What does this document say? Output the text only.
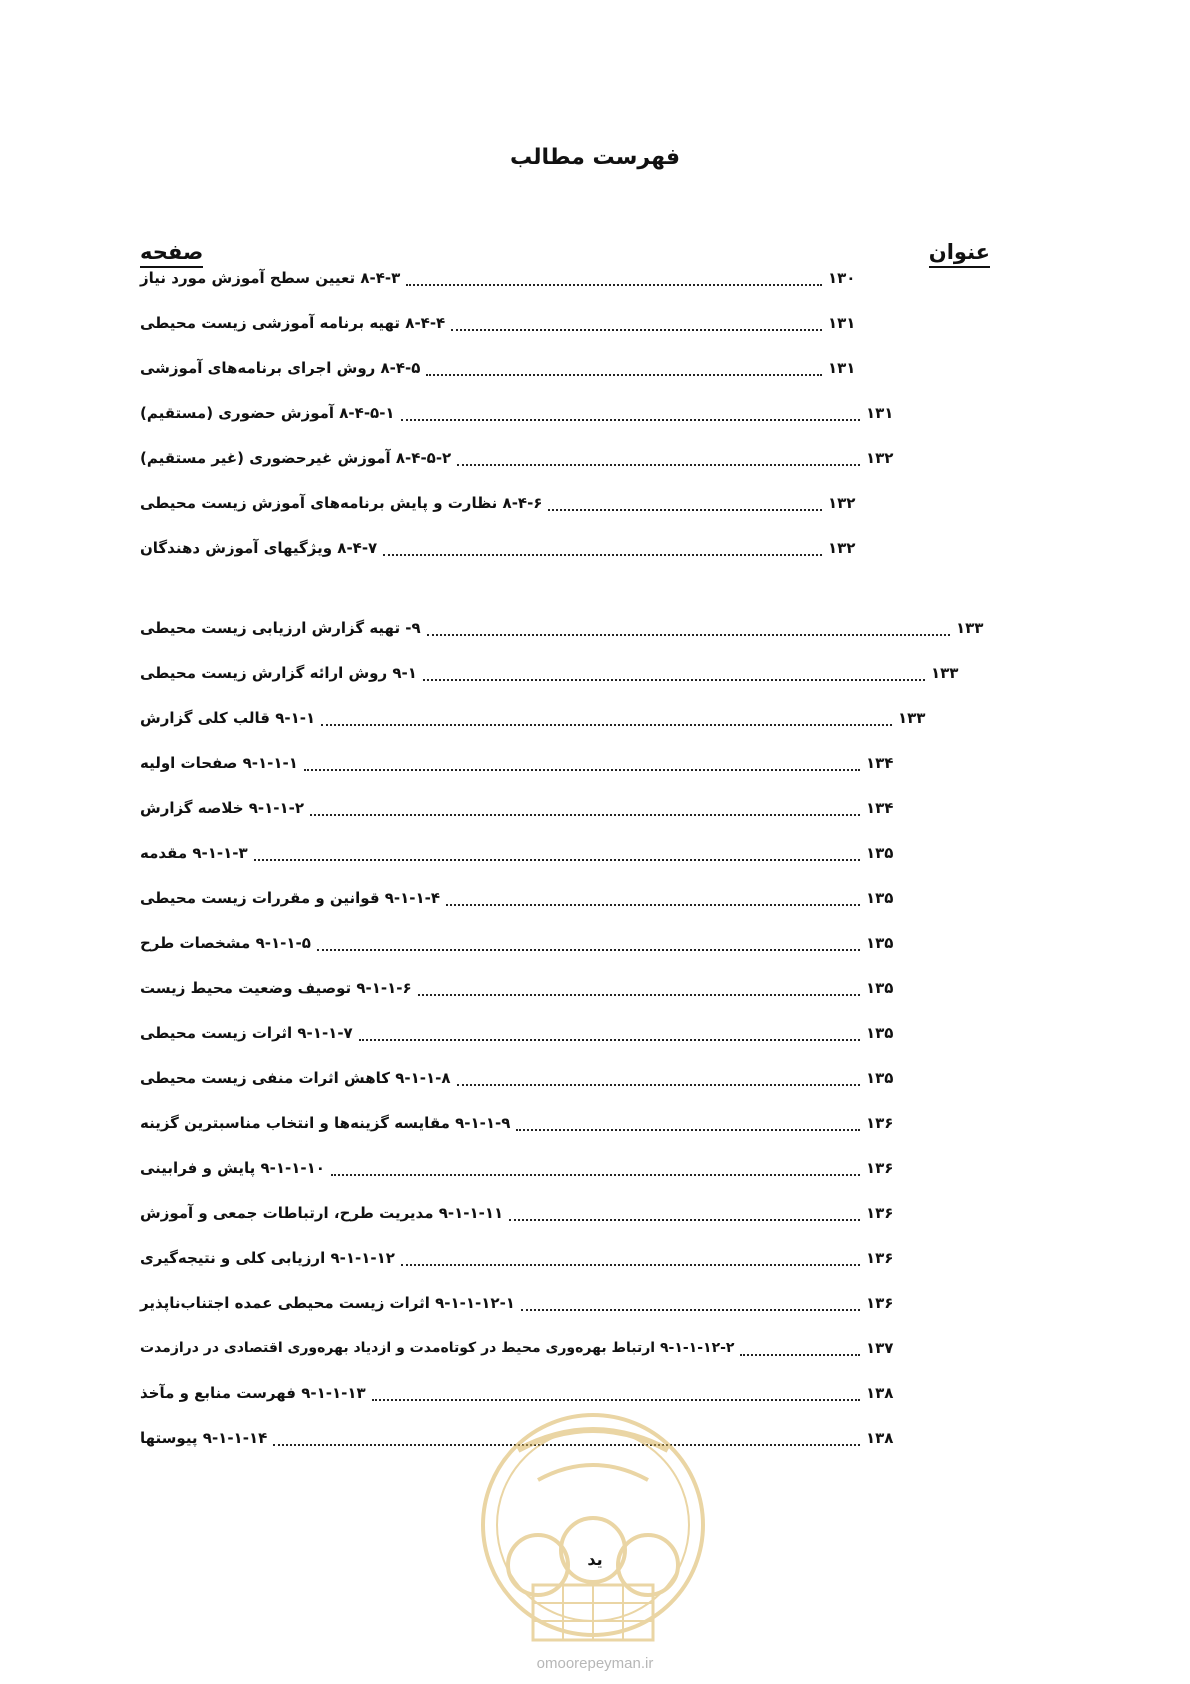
فهرست مطالب
عنوان
صفحه
۸-۴-۳ تعیین سطح آموزش مورد نیاز	۱۳۰
۸-۴-۴ تهیه برنامه آموزشی زیست محیطی	۱۳۱
۸-۴-۵ روش اجرای برنامه‌های آموزشی	۱۳۱
۸-۴-۵-۱ آموزش حضوری (مستقیم)	۱۳۱
۸-۴-۵-۲ آموزش غیرحضوری (غیر مستقیم)	۱۳۲
۸-۴-۶ نظارت و پایش برنامه‌های آموزش زیست محیطی	۱۳۲
۸-۴-۷ ویژگیهای آموزش دهندگان	۱۳۲
۹- تهیه گزارش ارزیابی زیست محیطی	۱۳۳
۹-۱ روش ارائه گزارش زیست محیطی	۱۳۳
۹-۱-۱ قالب کلی گزارش	۱۳۳
۹-۱-۱-۱ صفحات اولیه	۱۳۴
۹-۱-۱-۲ خلاصه گزارش	۱۳۴
۹-۱-۱-۳ مقدمه	۱۳۵
۹-۱-۱-۴ قوانین و مقررات زیست محیطی	۱۳۵
۹-۱-۱-۵ مشخصات طرح	۱۳۵
۹-۱-۱-۶ توصیف وضعیت محیط زیست	۱۳۵
۹-۱-۱-۷ اثرات زیست محیطی	۱۳۵
۹-۱-۱-۸ کاهش اثرات منفی زیست محیطی	۱۳۵
۹-۱-۱-۹ مقایسه گزینه‌ها و انتخاب مناسبترین گزینه	۱۳۶
۹-۱-۱-۱۰ پایش و فرابینی	۱۳۶
۹-۱-۱-۱۱ مدیریت طرح، ارتباطات جمعی و آموزش	۱۳۶
۹-۱-۱-۱۲ ارزیابی کلی و نتیجه‌گیری	۱۳۶
۹-۱-۱-۱۲-۱ اثرات زیست محیطی عمده اجتناب‌ناپذیر	۱۳۶
۹-۱-۱-۱۲-۲ ارتباط بهره‌وری محیط در کوتاه‌مدت و ازدیاد بهره‌وری اقتصادی در درازمدت	۱۳۷
۹-۱-۱-۱۳ فهرست منابع و مآخذ	۱۳۸
۹-۱-۱-۱۴ پیوستها	۱۳۸
ید
omoorepeyman.ir
